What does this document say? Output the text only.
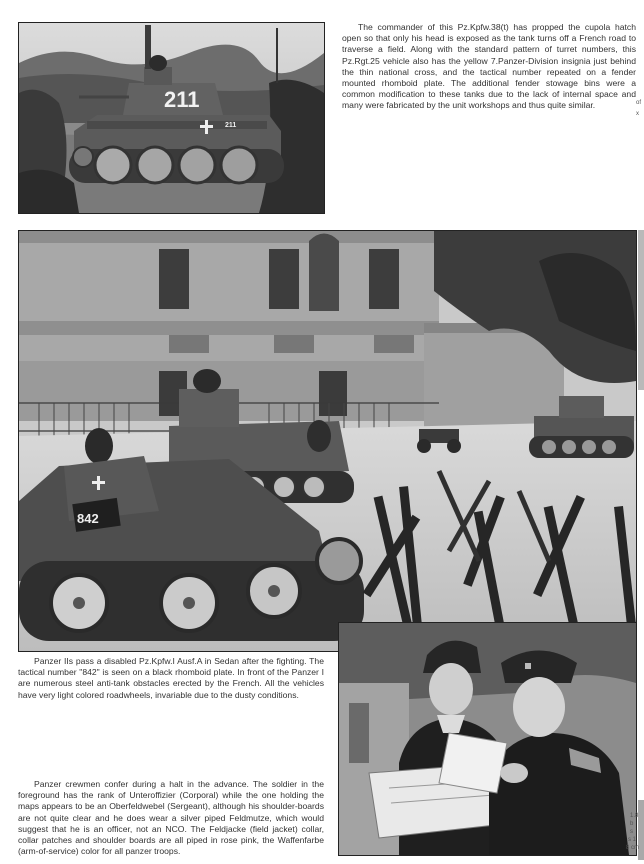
211
211

The commander of this Pz.Kpfw.38(t) has propped the cupola hatch open so that only his head is exposed as the tank turns off a French road to traverse a field. Along with the standard pattern of turret numbers, this Pz.Rgt.25 vehicle also has the yellow 7.Panzer-Division insignia just behind the thin national cross, and the tactical number repeated on a fender mounted rhomboid plate. The additional fender stowage bins were a common modification to these tanks due to the lack of internal space and many were fabricated by the unit workshops and thus quite similar.	of
x
842

Panzer IIs pass a disabled Pz.Kpfw.I Ausf.A in Sedan after the fighting. The tactical number "842" is seen on a black rhomboid plate. In front of the Panzer I are numerous steel anti-tank obstacles erected by the French. All the vehicles have very light colored roadwheels, invariable due to the dusty conditions.

Panzer crewmen confer during a halt in the advance. The soldier in the foreground has the rank of Unteroffizier (Corporal) while the one holding the maps appears to be an Oberfeldwebel (Sergeant), although his shoulder-boards are not quite clear and he does wear a silver piped Feldmutze, which would suggest that he is an officer, not an NCO. The Feldjacke (field jacket) collar, collar patches and shoulder boards are all piped in rose pink, the Waffenfarbe (arm-of-service) color for all panzer troops.

1.8
b
s
s 1
8 cm
